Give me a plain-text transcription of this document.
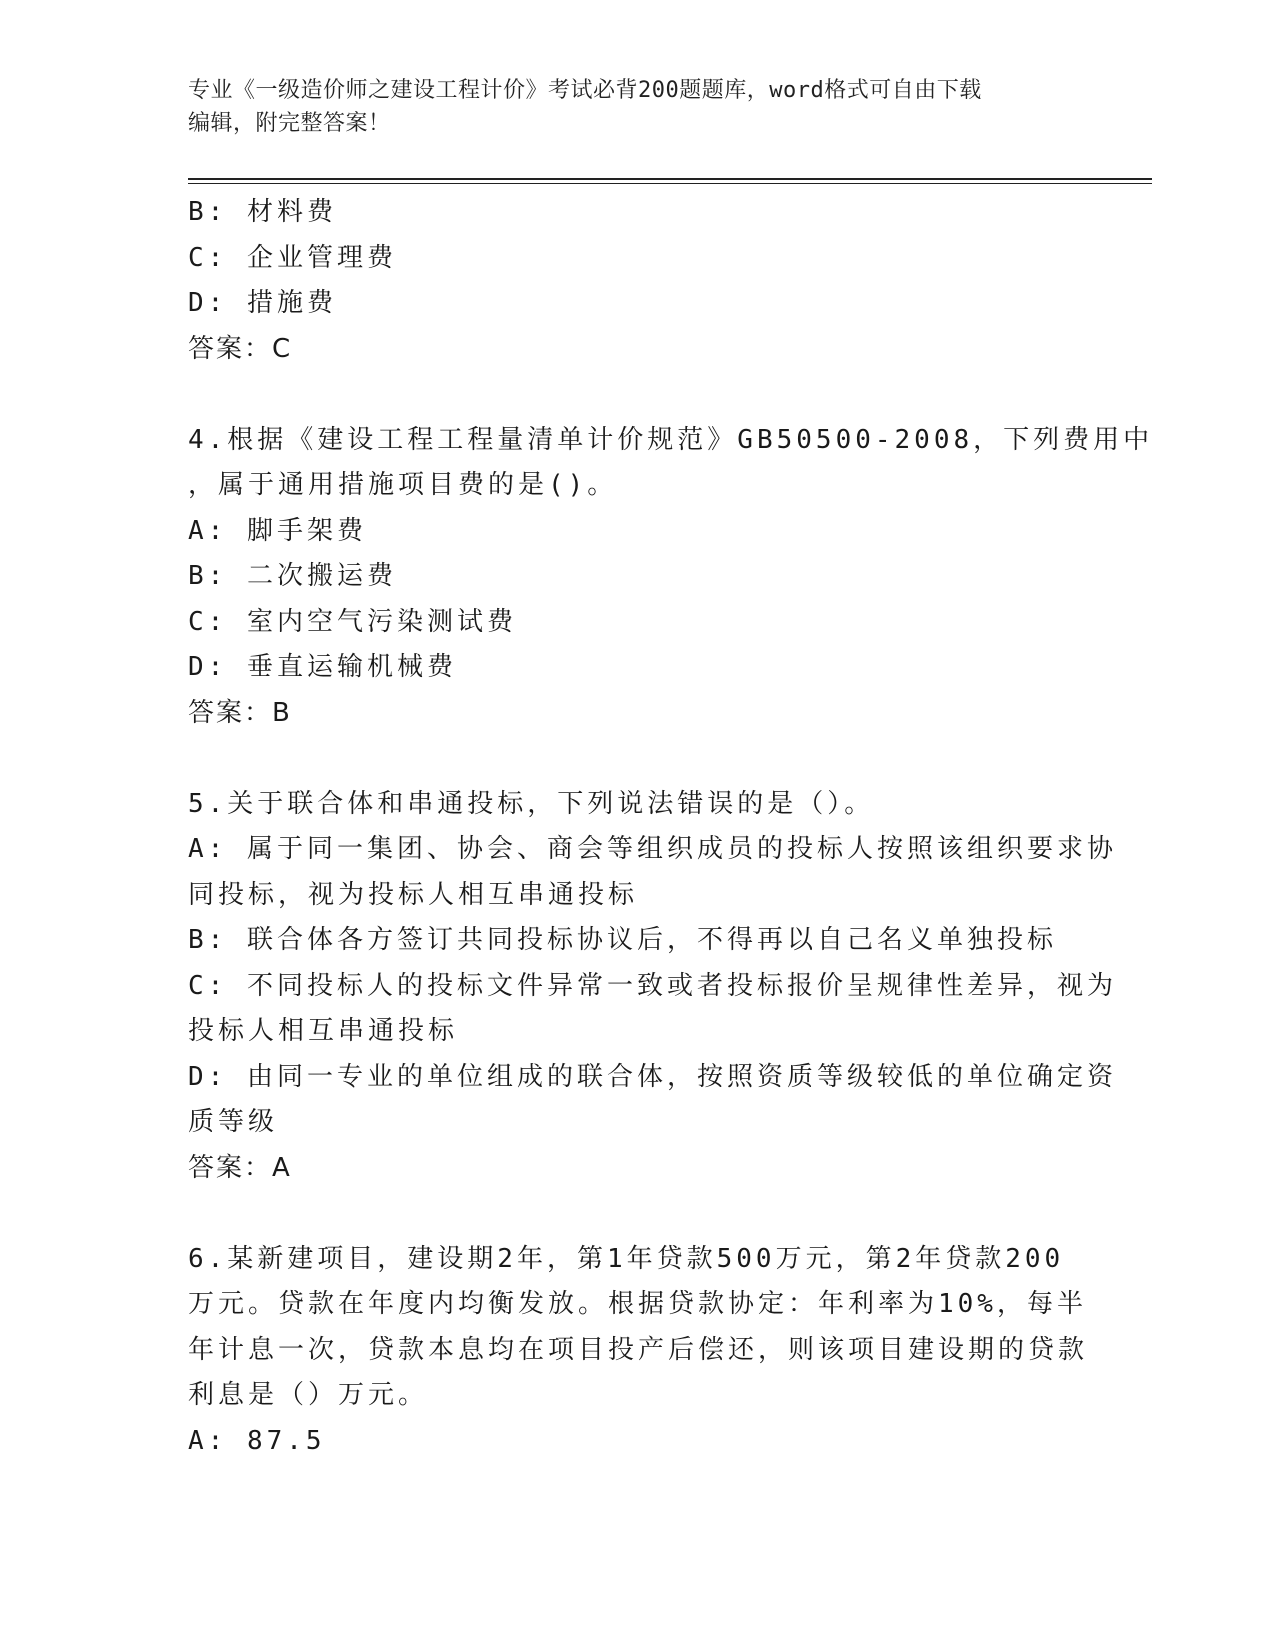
专业《一级造价师之建设工程计价》考试必背200题题库，word格式可自由下载
编辑，附完整答案！
B: 材料费
C: 企业管理费
D: 措施费
答案：C
4.根据《建设工程工程量清单计价规范》GB50500-2008，下列费用中
，属于通用措施项目费的是()。
A: 脚手架费
B: 二次搬运费
C: 室内空气污染测试费
D: 垂直运输机械费
答案：B
5.关于联合体和串通投标，下列说法错误的是（）。
A: 属于同一集团、协会、商会等组织成员的投标人按照该组织要求协
同投标，视为投标人相互串通投标
B: 联合体各方签订共同投标协议后，不得再以自己名义单独投标
C: 不同投标人的投标文件异常一致或者投标报价呈规律性差异，视为
投标人相互串通投标
D: 由同一专业的单位组成的联合体，按照资质等级较低的单位确定资
质等级
答案：A
6.某新建项目，建设期2年，第1年贷款500万元，第2年贷款200
万元。贷款在年度内均衡发放。根据贷款协定：年利率为10%，每半
年计息一次，贷款本息均在项目投产后偿还，则该项目建设期的贷款
利息是（）万元。
A: 87.5
